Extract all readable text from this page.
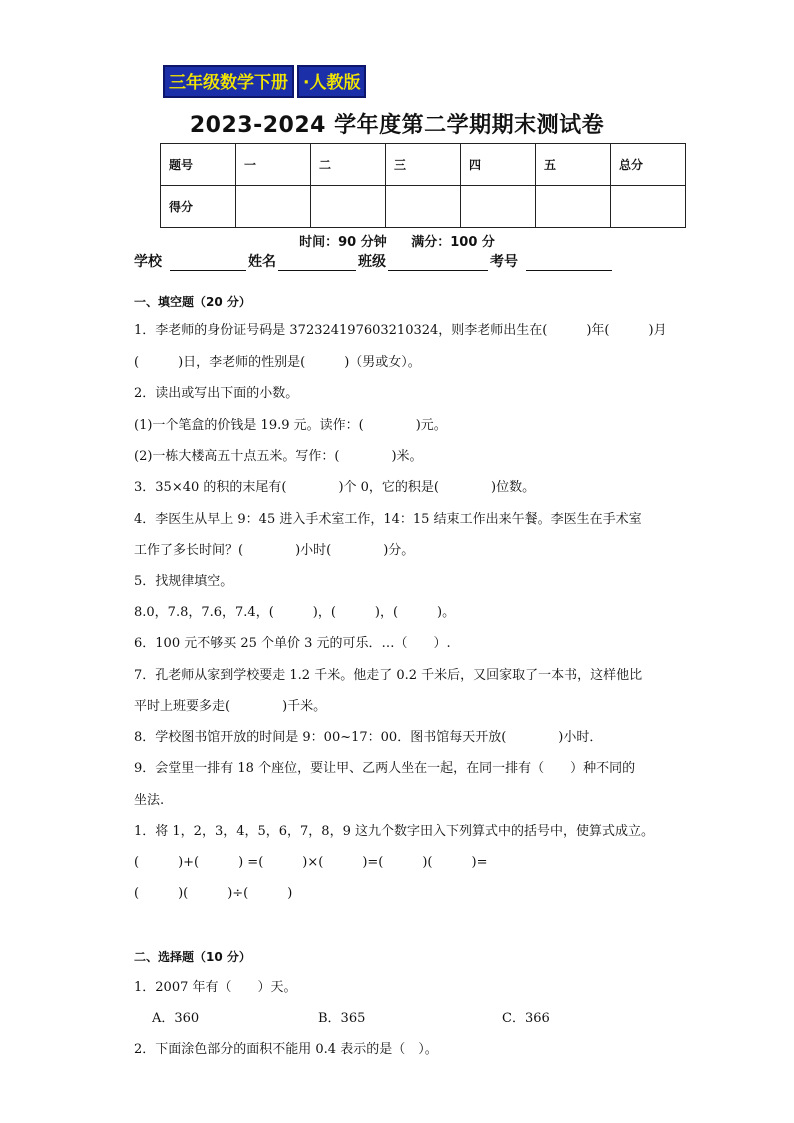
三年级数学下册 ·人教版
2023-2024 学年度第二学期期末测试卷
题号	一	二	三	四	五	总分
得分						
时间：90 分钟 满分：100 分
学校	姓名	班级	考号
一、填空题（20 分）
1．李老师的身份证号码是 372324197603210324，则李老师出生在(　　　)年(　　　)月
(　　　)日，李老师的性别是(　　　)（男或女）。
2．读出或写出下面的小数。
(1)一个笔盒的价钱是 19.9 元。读作：(　　　　)元。
(2)一栋大楼高五十点五米。写作：(　　　　)米。
3．35×40 的积的末尾有(　　　　)个 0，它的积是(　　　　)位数。
4．李医生从早上 9：45 进入手术室工作，14：15 结束工作出来午餐。李医生在手术室
工作了多长时间？(　　　　)小时(　　　　)分。
5．找规律填空。
8.0，7.8，7.6，7.4，(　　　)，(　　　)，(　　　)。
6．100 元不够买 25 个单价 3 元的可乐．…（　　）.
7．孔老师从家到学校要走 1.2 千米。他走了 0.2 千米后，又回家取了一本书，这样他比
平时上班要多走(　　　　)千米。
8．学校图书馆开放的时间是 9：00~17：00．图书馆每天开放(　　　　)小时．
9．会堂里一排有 18 个座位，要让甲、乙两人坐在一起，在同一排有（　　）种不同的
坐法.
1．将 1，2，3，4，5，6，7，8，9 这九个数字田入下列算式中的括号中，使算式成立。
(　　　)+(　　　) =(　　　)×(　　　)=(　　　)(　　　)=
(　　　)(　　　)÷(　　　)
二、选择题（10 分）
1．2007 年有（　　）天。
A．360	B．365	C．366
2．下面涂色部分的面积不能用 0.4 表示的是（　）。
